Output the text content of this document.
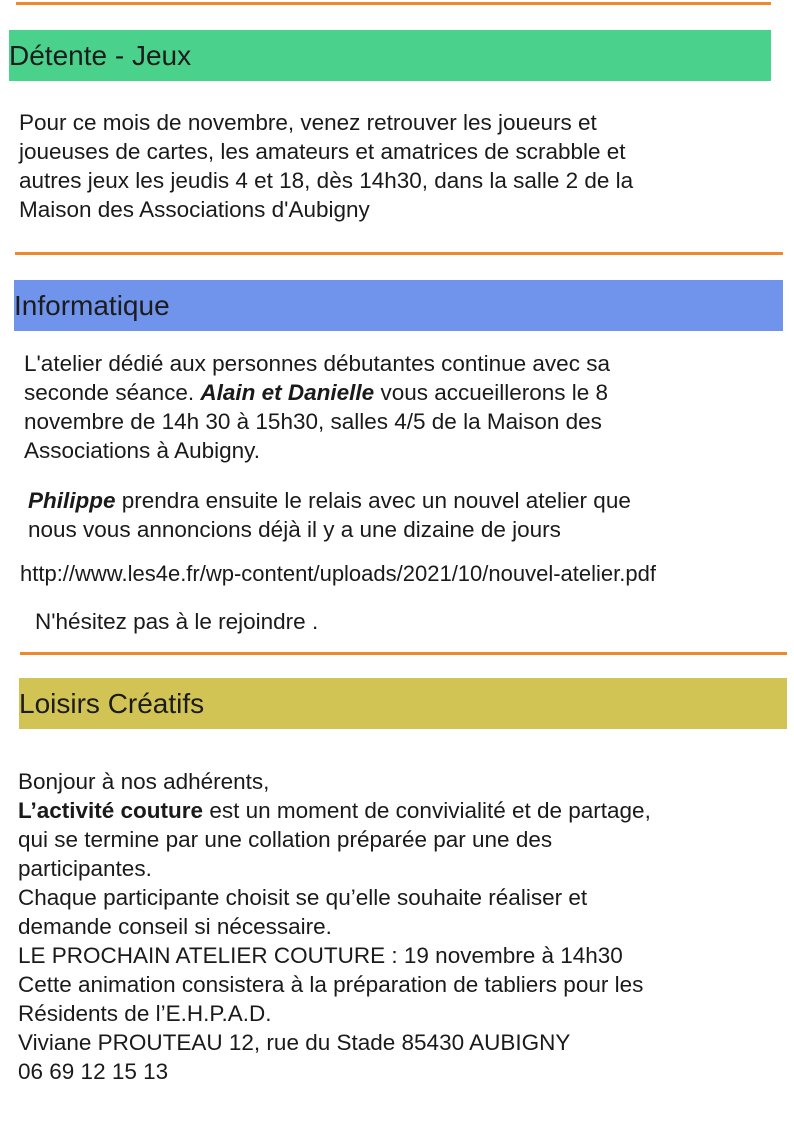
Détente - Jeux
Pour ce mois de novembre, venez retrouver les joueurs et
joueuses de cartes, les amateurs et amatrices de scrabble et
autres jeux les jeudis 4 et 18, dès 14h30, dans la salle 2 de la
Maison des Associations d'Aubigny
Informatique
L'atelier dédié aux personnes débutantes continue avec sa
seconde séance. Alain et Danielle vous accueillerons le 8
novembre de 14h 30 à 15h30, salles 4/5 de la Maison des
Associations à Aubigny.
Philippe prendra ensuite le relais avec un nouvel atelier que
nous vous annoncions déjà il y a une dizaine de jours
http://www.les4e.fr/wp-content/uploads/2021/10/nouvel-atelier.pdf
N'hésitez pas à le rejoindre .
Loisirs Créatifs
Bonjour à nos adhérents,
L’activité couture est un moment de convivialité et de partage,
qui se termine par une collation préparée par une des
participantes.
Chaque participante choisit se qu’elle souhaite réaliser et
demande conseil si nécessaire.
LE PROCHAIN ATELIER COUTURE : 19 novembre à 14h30
Cette animation consistera à la préparation de tabliers pour les
Résidents de l’E.H.P.A.D.
Viviane PROUTEAU 12, rue du Stade 85430 AUBIGNY
06 69 12 15 13
